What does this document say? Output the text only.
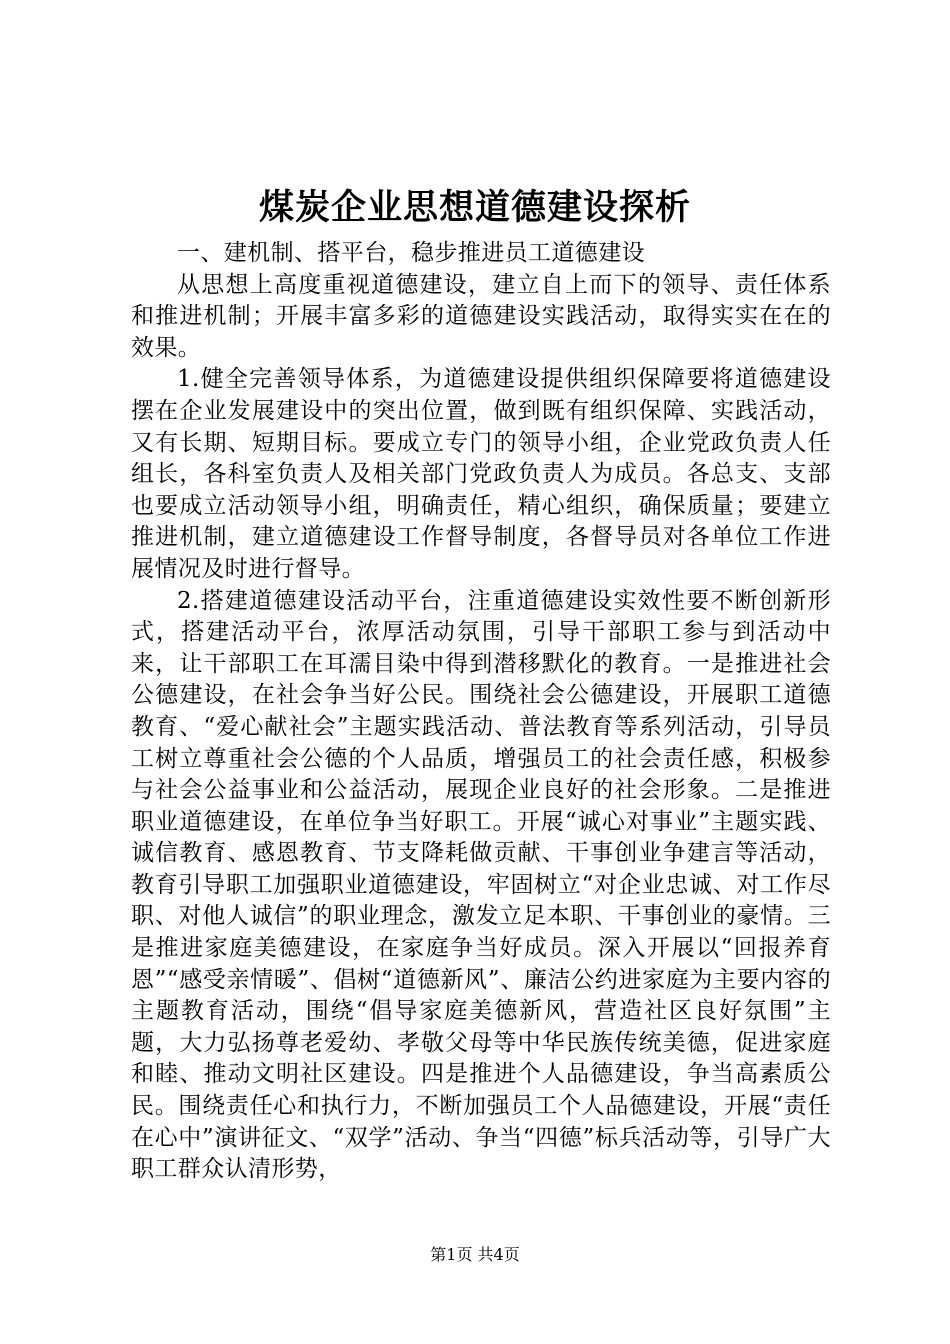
煤炭企业思想道德建设探析

一、建机制、搭平台，稳步推进员工道德建设

从思想上高度重视道德建设，建立自上而下的领导、责任体系和推进机制；开展丰富多彩的道德建设实践活动，取得实实在在的效果。

1.健全完善领导体系，为道德建设提供组织保障要将道德建设摆在企业发展建设中的突出位置，做到既有组织保障、实践活动，又有长期、短期目标。要成立专门的领导小组，企业党政负责人任组长，各科室负责人及相关部门党政负责人为成员。各总支、支部也要成立活动领导小组，明确责任，精心组织，确保质量；要建立推进机制，建立道德建设工作督导制度，各督导员对各单位工作进展情况及时进行督导。

2.搭建道德建设活动平台，注重道德建设实效性要不断创新形式，搭建活动平台，浓厚活动氛围，引导干部职工参与到活动中来，让干部职工在耳濡目染中得到潜移默化的教育。一是推进社会公德建设，在社会争当好公民。围绕社会公德建设，开展职工道德教育、“爱心献社会”主题实践活动、普法教育等系列活动，引导员工树立尊重社会公德的个人品质，增强员工的社会责任感，积极参与社会公益事业和公益活动，展现企业良好的社会形象。二是推进职业道德建设，在单位争当好职工。开展“诚心对事业”主题实践、诚信教育、感恩教育、节支降耗做贡献、干事创业争建言等活动，教育引导职工加强职业道德建设，牢固树立“对企业忠诚、对工作尽职、对他人诚信”的职业理念，激发立足本职、干事创业的豪情。三是推进家庭美德建设，在家庭争当好成员。深入开展以“回报养育恩”“感受亲情暖”、倡树“道德新风”、廉洁公约进家庭为主要内容的主题教育活动，围绕“倡导家庭美德新风，营造社区良好氛围”主题，大力弘扬尊老爱幼、孝敬父母等中华民族传统美德，促进家庭和睦、推动文明社区建设。四是推进个人品德建设，争当高素质公民。围绕责任心和执行力，不断加强员工个人品德建设，开展“责任在心中”演讲征文、“双学”活动、争当“四德”标兵活动等，引导广大职工群众认清形势，

第1页 共4页
